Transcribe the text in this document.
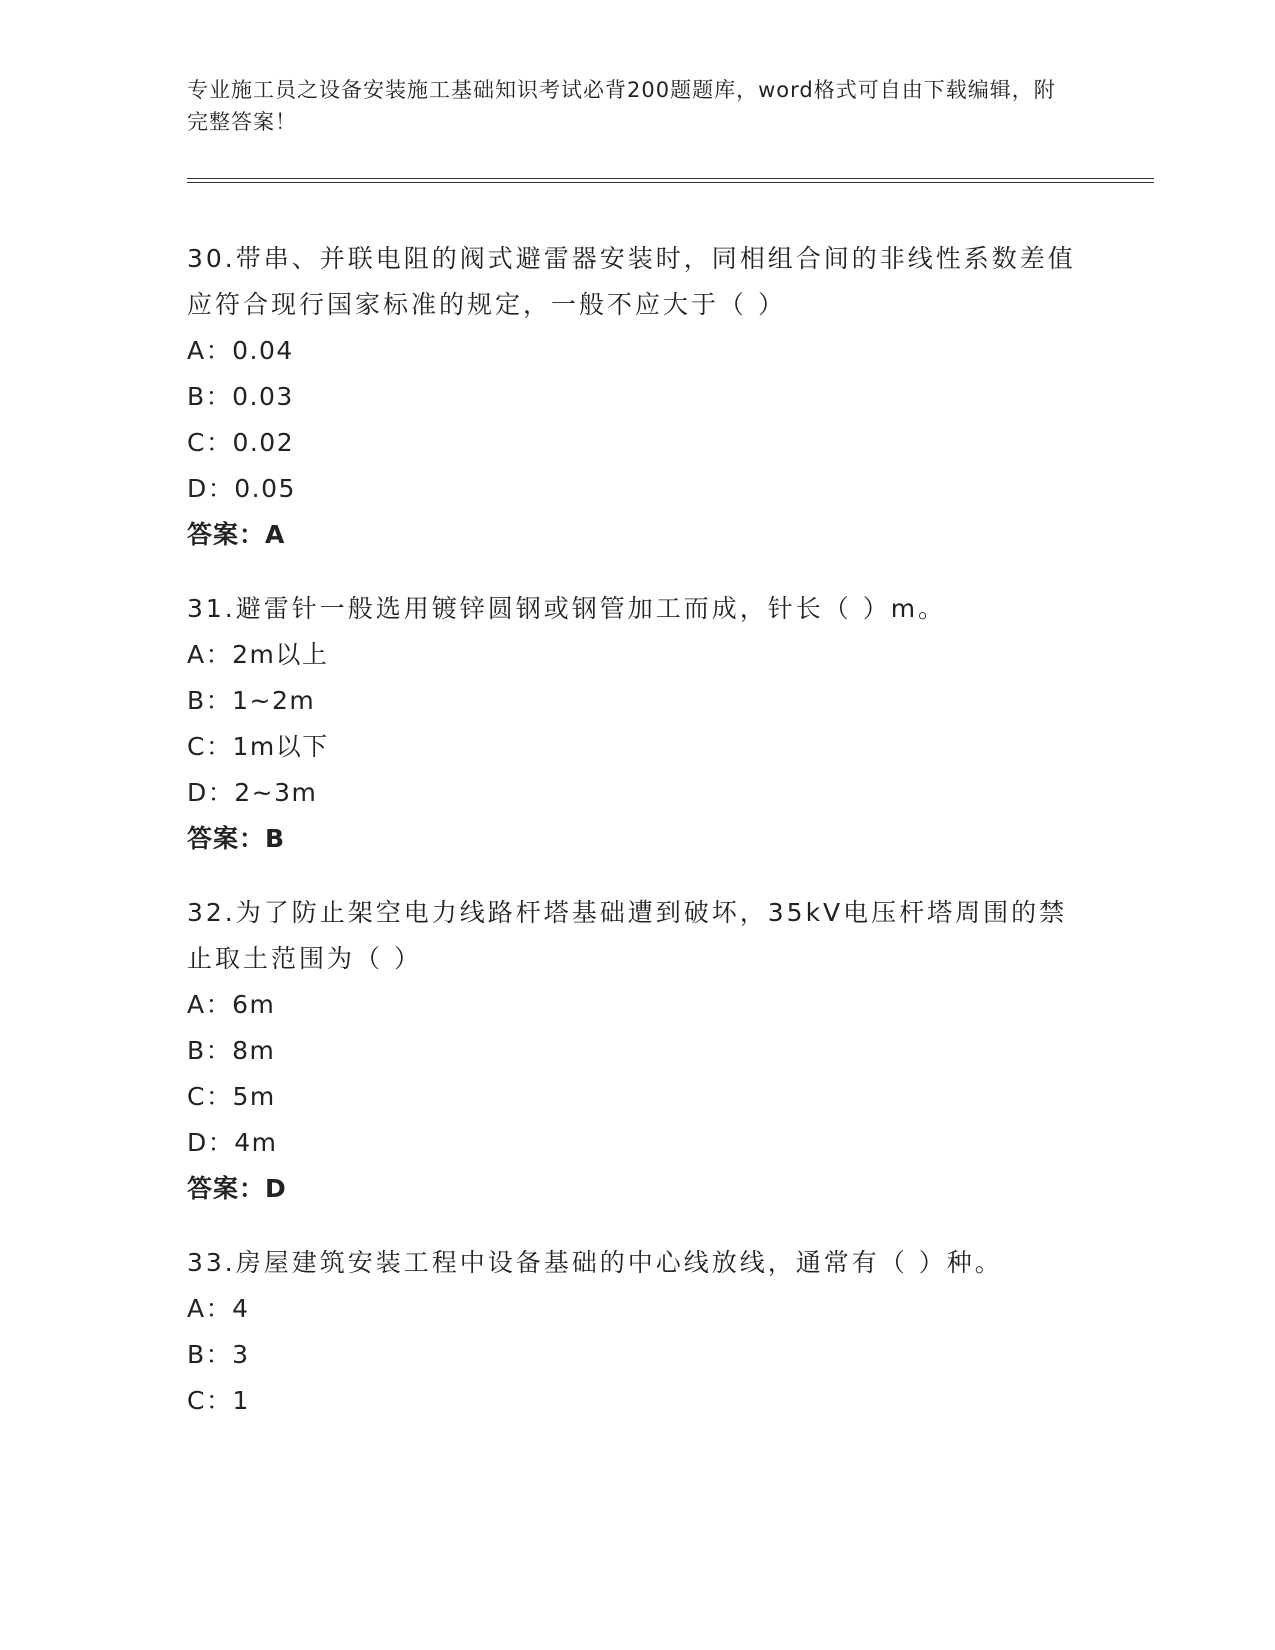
专业施工员之设备安装施工基础知识考试必背200题题库，word格式可自由下载编辑，附完整答案！
30.带串、并联电阻的阀式避雷器安装时，同相组合间的非线性系数差值应符合现行国家标准的规定，一般不应大于（ ）
A：0.04
B：0.03
C：0.02
D：0.05
答案：A
31.避雷针一般选用镀锌圆钢或钢管加工而成，针长（ ）m。
A：2m以上
B：1~2m
C：1m以下
D：2~3m
答案：B
32.为了防止架空电力线路杆塔基础遭到破坏，35kV电压杆塔周围的禁止取土范围为（ ）
A：6m
B：8m
C：5m
D：4m
答案：D
33.房屋建筑安装工程中设备基础的中心线放线，通常有（ ）种。
A：4
B：3
C：1
